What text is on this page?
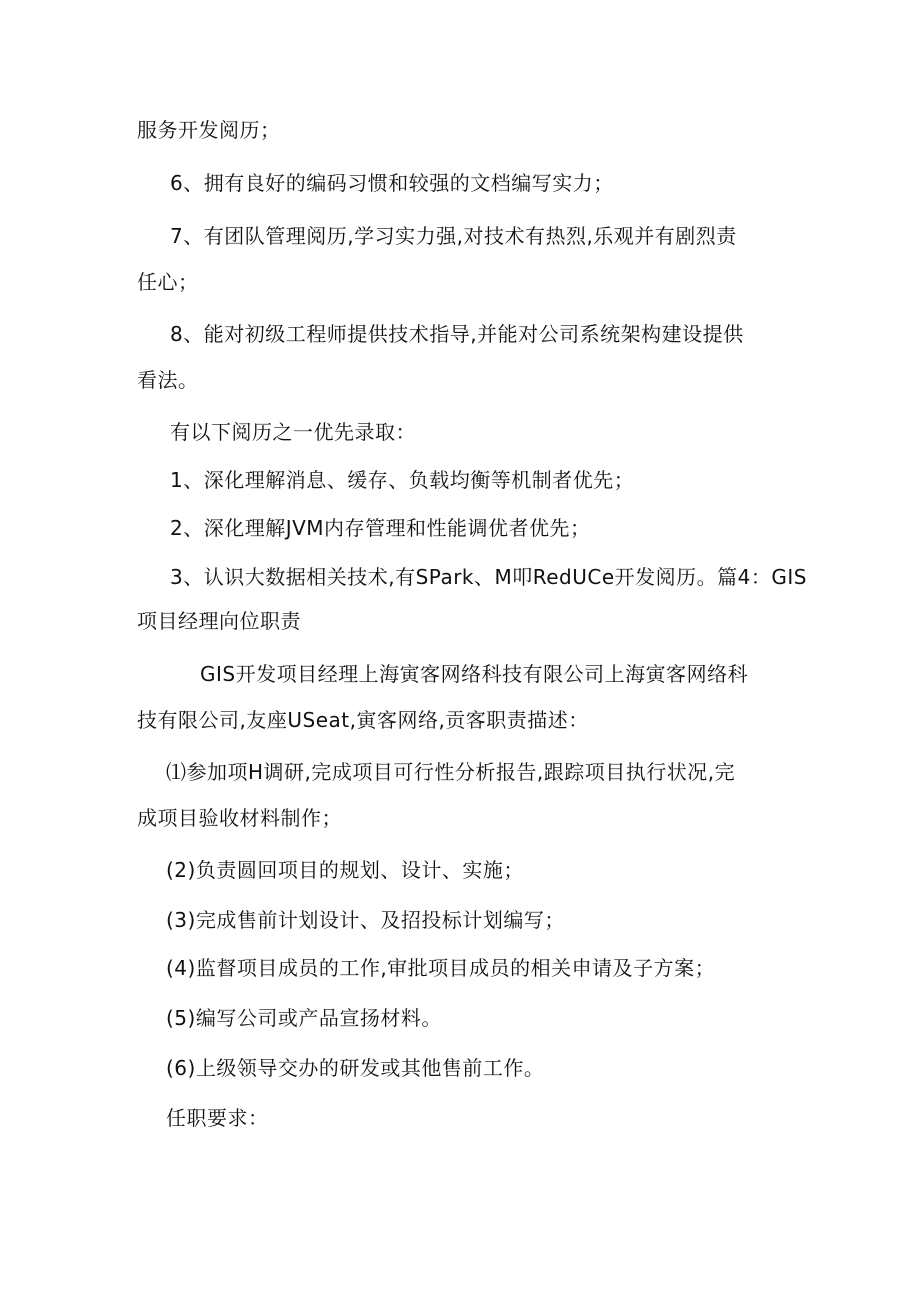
服务开发阅历；
6、拥有良好的编码习惯和较强的文档编写实力；
7、有团队管理阅历,学习实力强,对技术有热烈,乐观并有剧烈责
任心；
8、能对初级工程师提供技术指导,并能对公司系统架构建设提供
看法。
有以下阅历之一优先录取：
1、深化理解消息、缓存、负载均衡等机制者优先；
2、深化理解JVM内存管理和性能调优者优先；
3、认识大数据相关技术,有SPark、M叩RedUCe开发阅历。篇4：GIS
项目经理向位职责
GIS开发项目经理上海寅客网络科技有限公司上海寅客网络科
技有限公司,友座USeat,寅客网络,贡客职责描述：
⑴参加项H调研,完成项目可行性分析报告,跟踪项目执行状况,完
成项目验收材料制作；
(2)负责圆回项目的规划、设计、实施；
(3)完成售前计划设计、及招投标计划编写；
(4)监督项目成员的工作,审批项目成员的相关申请及子方案；
(5)编写公司或产品宣扬材料。
(6)上级领导交办的研发或其他售前工作。
任职要求：
